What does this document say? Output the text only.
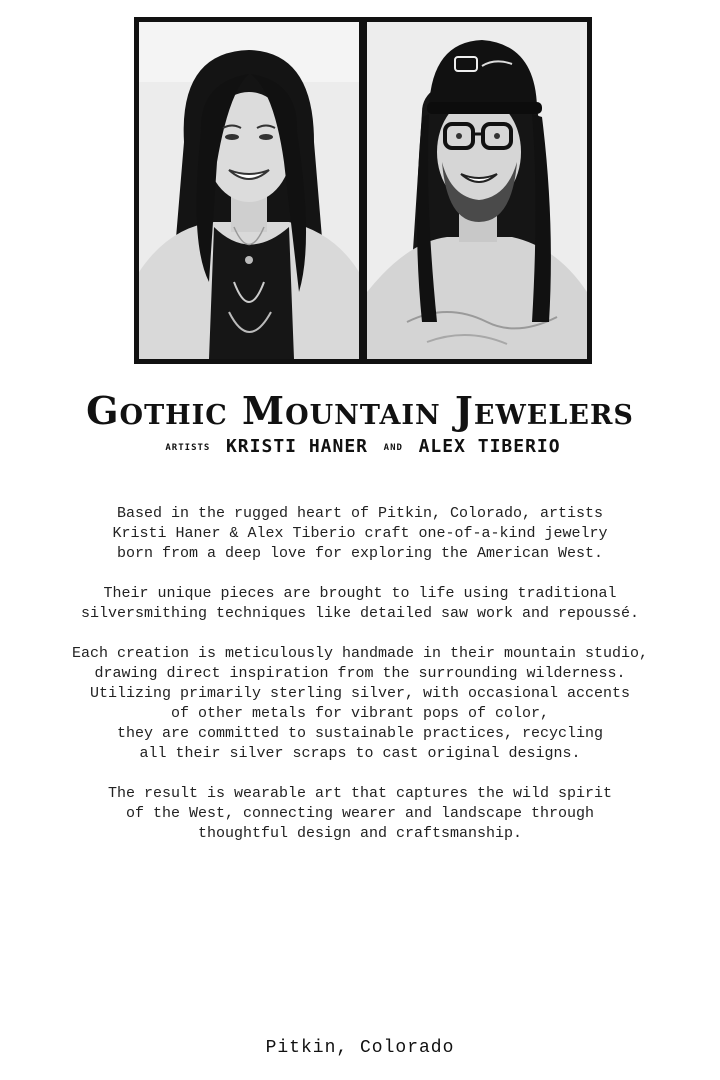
Gothic Mountain Jewelers
ARTISTS KRISTI HANER AND ALEX TIBERIO

Based in the rugged heart of Pitkin, Colorado, artists
Kristi Haner & Alex Tiberio craft one-of-a-kind jewelry
born from a deep love for exploring the American West.

Their unique pieces are brought to life using traditional
silversmithing techniques like detailed saw work and repoussé.

Each creation is meticulously handmade in their mountain studio,
drawing direct inspiration from the surrounding wilderness.
Utilizing primarily sterling silver, with occasional accents
of other metals for vibrant pops of color,
they are committed to sustainable practices, recycling
all their silver scraps to cast original designs.

The result is wearable art that captures the wild spirit
of the West, connecting wearer and landscape through
thoughtful design and craftsmanship.

Pitkin, Colorado
